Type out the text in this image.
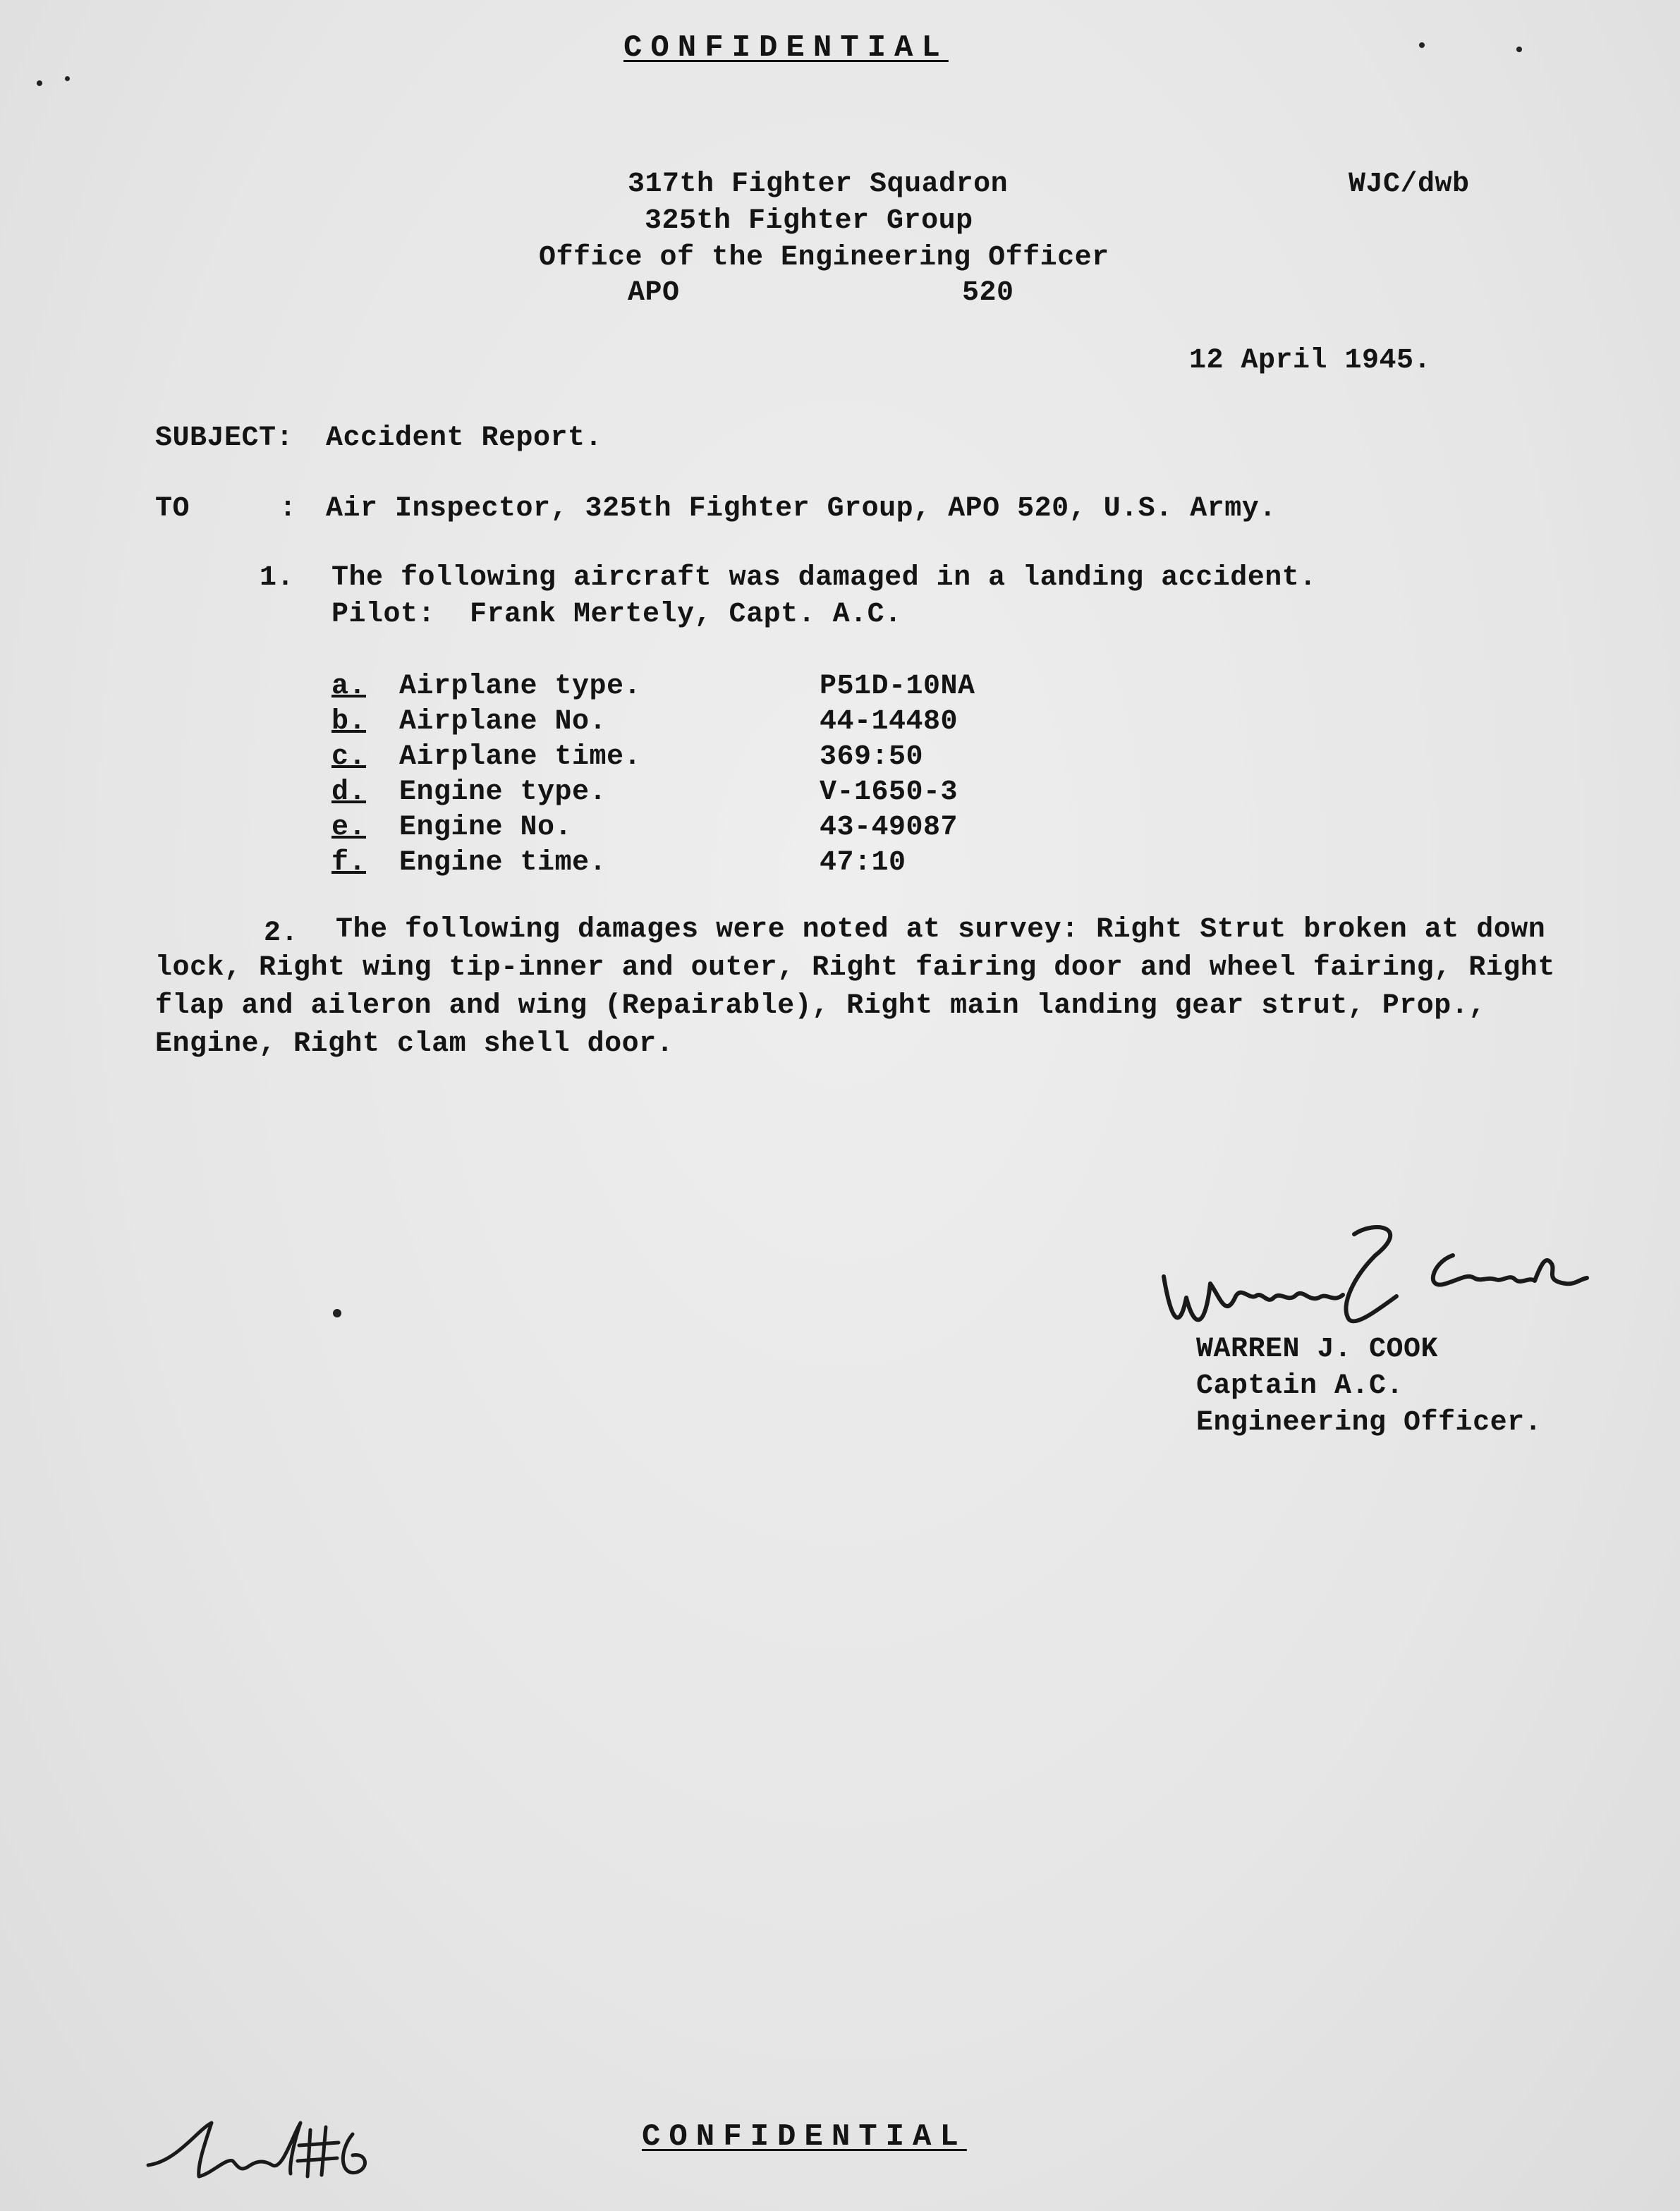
CONFIDENTIAL
317th Fighter Squadron
325th Fighter Group
Office of the Engineering Officer
APO	520
WJC/dwb
12 April 1945.
SUBJECT: Accident Report.
TO	: Air Inspector, 325th Fighter Group, APO 520, U.S. Army.
1. The following aircraft was damaged in a landing accident.
Pilot: Frank Mertely, Capt. A.C.
a. Airplane type.	P51D-10NA
b. Airplane No.	44-14480
c. Airplane time.	369:50
d. Engine type.	V-1650-3
e. Engine No.	43-49087
f. Engine time.	47:10
2.	The following damages were noted at survey: Right Strut broken at down lock, Right wing tip-inner and outer, Right fairing door and wheel fairing, Right flap and aileron and wing (Repairable), Right main landing gear strut, Prop., Engine, Right clam shell door.
WARREN J. COOK
Captain A.C.
Engineering Officer.
CONFIDENTIAL
